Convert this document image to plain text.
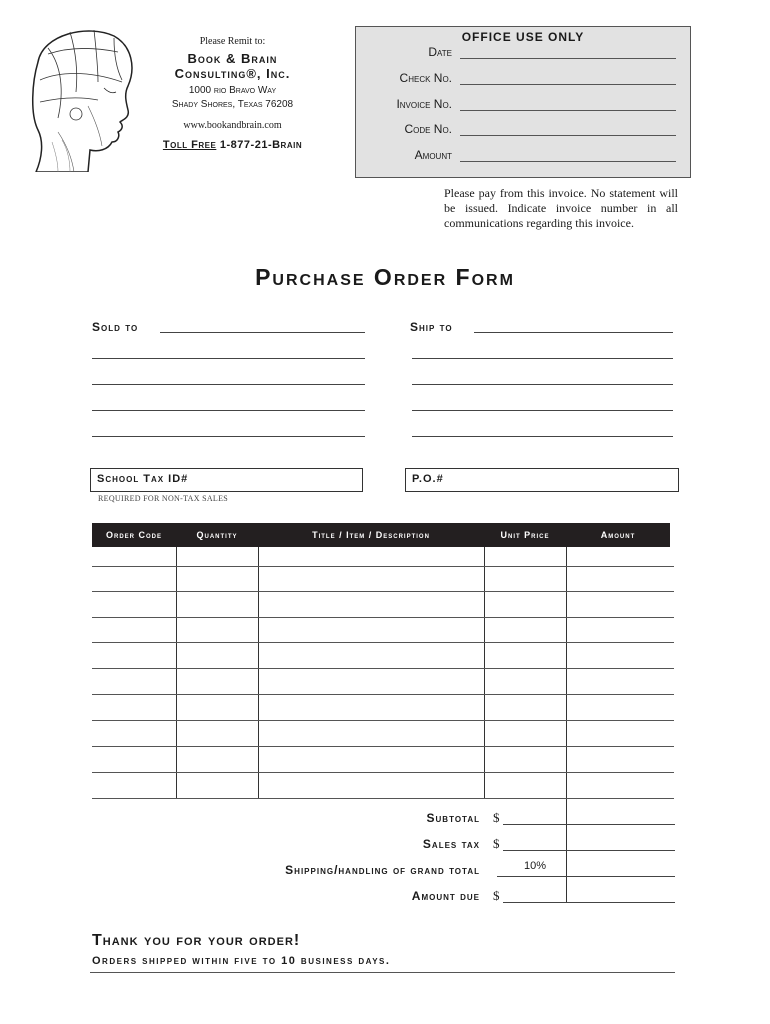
Please Remit to:
Book & Brain
Consulting®, Inc.
1000 rio Bravo Way
Shady Shores, Texas 76208
www.bookandbrain.com
Toll Free 1-877-21-Brain
OFFICE USE ONLY
Date
Check No.
Invoice No.
Code No.
Amount
Please pay from this invoice. No statement will be issued. Indicate invoice number in all communications regarding this invoice.
Purchase Order Form
Sold to	Ship to
School Tax ID#	P.O.#
REQUIRED FOR NON-TAX SALES
Order Code	Quantity	Title / Item / Description	Unit Price	Amount
Subtotal $
Sales tax $
Shipping/handling of grand total	10%
Amount due $
Thank you for your order!
Orders shipped within five to 10 business days.
